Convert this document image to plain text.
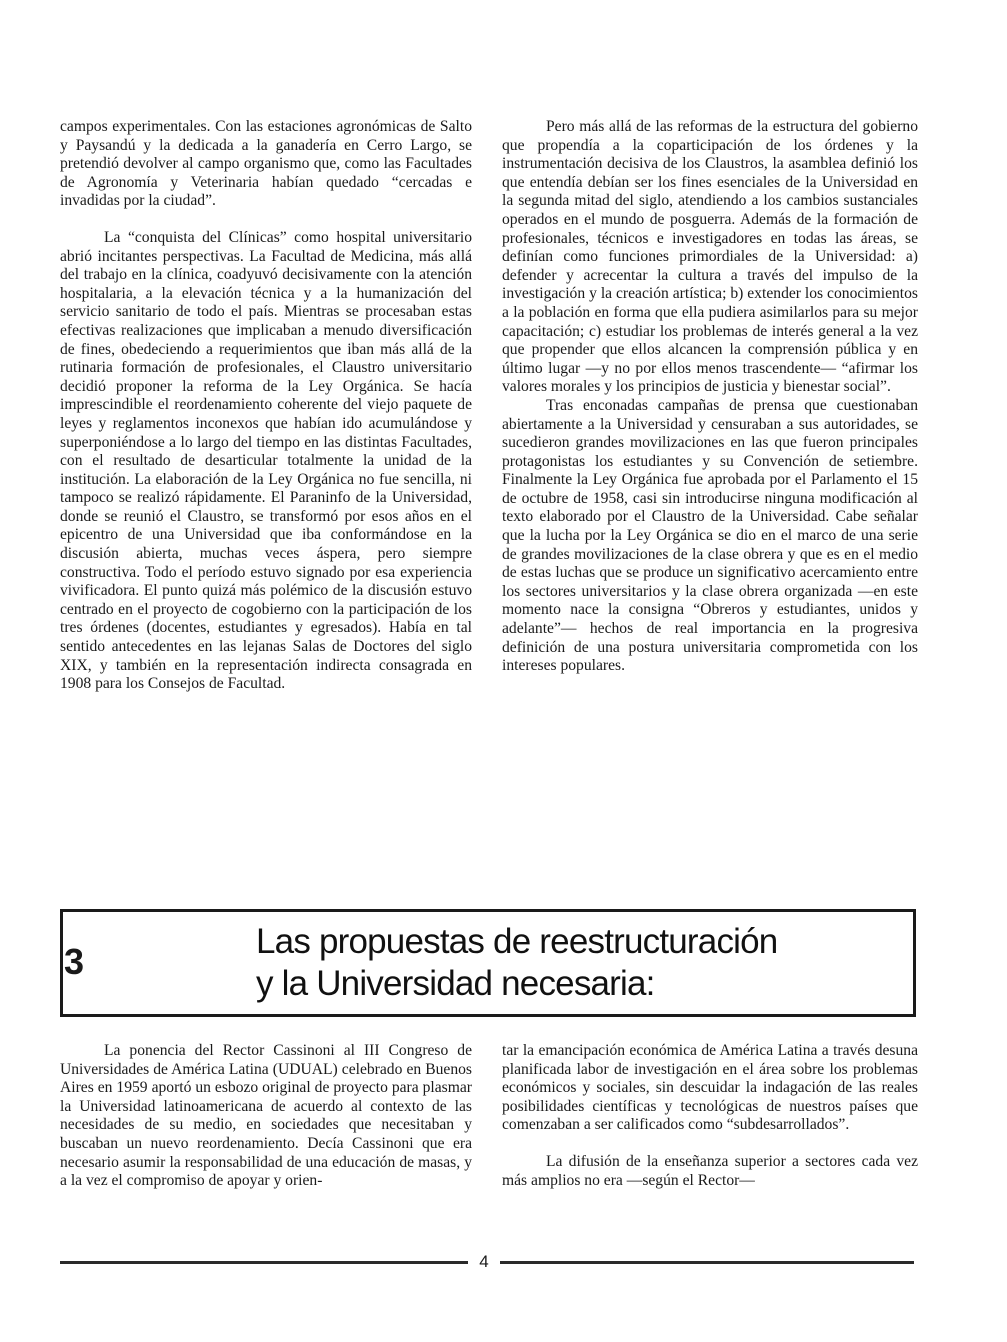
campos experimentales. Con las estaciones agronómicas de Salto y Paysandú y la dedicada a la ganadería en Cerro Largo, se pretendió devolver al campo organismo que, como las Facultades de Agronomía y Veterinaria habían quedado “cercadas e invadidas por la ciudad”.

La “conquista del Clínicas” como hospital universitario abrió incitantes perspectivas. La Facultad de Medicina, más allá del trabajo en la clínica, coadyuvó decisivamente con la atención hospitalaria, a la elevación técnica y a la humanización del servicio sanitario de todo el país. Mientras se procesaban estas efectivas realizaciones que implicaban a menudo diversificación de fines, obedeciendo a requerimientos que iban más allá de la rutinaria formación de profesionales, el Claustro universitario decidió proponer la reforma de la Ley Orgánica. Se hacía imprescindible el reordenamiento coherente del viejo paquete de leyes y reglamentos inconexos que habían ido acumulándose y superponiéndose a lo largo del tiempo en las distintas Facultades, con el resultado de desarticular totalmente la unidad de la institución. La elaboración de la Ley Orgánica no fue sencilla, ni tampoco se realizó rápidamente. El Paraninfo de la Universidad, donde se reunió el Claustro, se transformó por esos años en el epicentro de una Universidad que iba conformándose en la discusión abierta, muchas veces áspera, pero siempre constructiva. Todo el período estuvo signado por esa experiencia vivificadora. El punto quizá más polémico de la discusión estuvo centrado en el proyecto de cogobierno con la participación de los tres órdenes (docentes, estudiantes y egresados). Había en tal sentido antecedentes en las lejanas Salas de Doctores del siglo XIX, y también en la representación indirecta consagrada en 1908 para los Consejos de Facultad.

Pero más allá de las reformas de la estructura del gobierno que propendía a la coparticipación de los órdenes y la instrumentación decisiva de los Claustros, la asamblea definió los que entendía debían ser los fines esenciales de la Universidad en la segunda mitad del siglo, atendiendo a los cambios sustanciales operados en el mundo de posguerra. Además de la formación de profesionales, técnicos e investigadores en todas las áreas, se definían como funciones primordiales de la Universidad: a) defender y acrecentar la cultura a través del impulso de la investigación y la creación artística; b) extender los conocimientos a la población en forma que ella pudiera asimilarlos para su mejor capacitación; c) estudiar los problemas de interés general a la vez que propender que ellos alcancen la comprensión pública y en último lugar —y no por ellos menos trascendente— “afirmar los valores morales y los principios de justicia y bienestar social”.

Tras enconadas campañas de prensa que cuestionaban abiertamente a la Universidad y censuraban a sus autoridades, se sucedieron grandes movilizaciones en las que fueron principales protagonistas los estudiantes y su Convención de setiembre. Finalmente la Ley Orgánica fue aprobada por el Parlamento el 15 de octubre de 1958, casi sin introducirse ninguna modificación al texto elaborado por el Claustro de la Universidad. Cabe señalar que la lucha por la Ley Orgánica se dio en el marco de una serie de grandes movilizaciones de la clase obrera y que es en el medio de estas luchas que se produce un significativo acercamiento entre los sectores universitarios y la clase obrera organizada —en este momento nace la consigna “Obreros y estudiantes, unidos y adelante”— hechos de real importancia en la progresiva definición de una postura universitaria comprometida con los intereses populares.

3	Las propuestas de reestructuración
y la Universidad necesaria:

La ponencia del Rector Cassinoni al III Congreso de Universidades de América Latina (UDUAL) celebrado en Buenos Aires en 1959 aportó un esbozo original de proyecto para plasmar la Universidad latinoamericana de acuerdo al contexto de las necesidades de su medio, en sociedades que necesitaban y buscaban un nuevo reordenamiento. Decía Cassinoni que era necesario asumir la responsabilidad de una educación de masas, y a la vez el compromiso de apoyar y orien-

tar la emancipación económica de América Latina a través desuna planificada labor de investigación en el área sobre los problemas económicos y sociales, sin descuidar la indagación de las reales posibilidades científicas y tecnológicas de nuestros países que comenzaban a ser calificados como “subdesarrollados”.

La difusión de la enseñanza superior a sectores cada vez más amplios no era —según el Rector—

4
